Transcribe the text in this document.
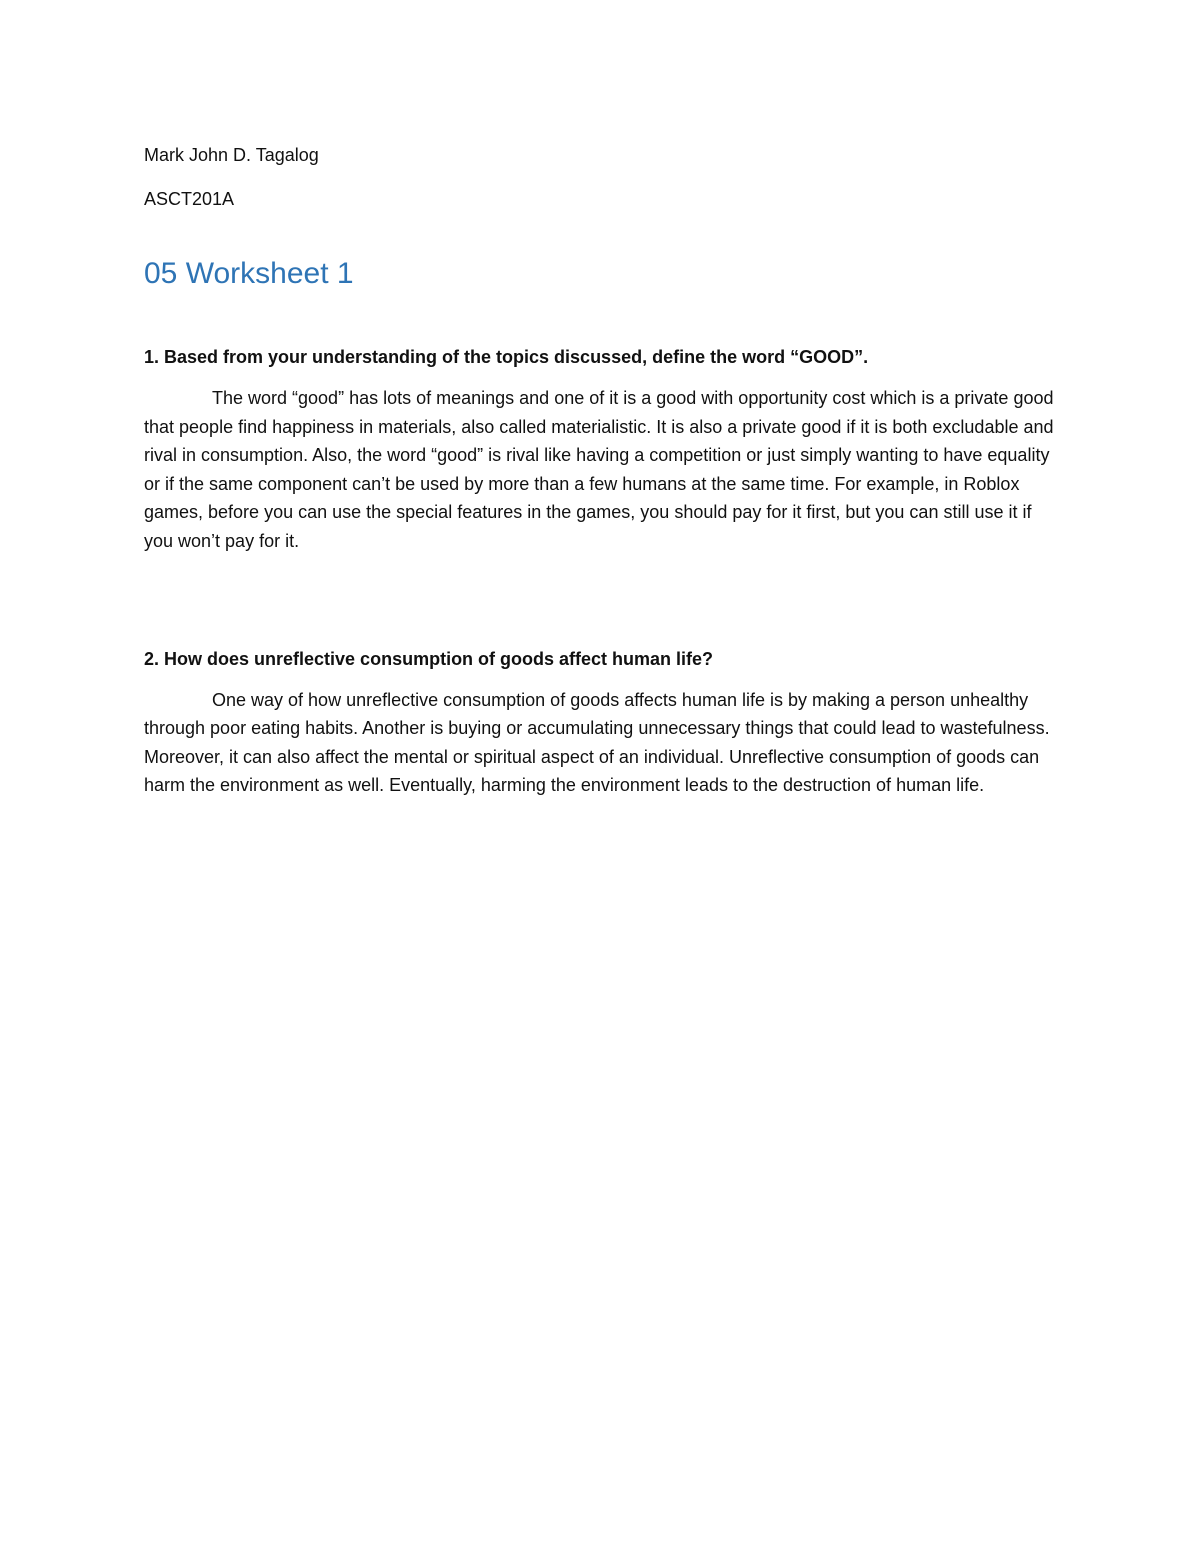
Mark John D. Tagalog

ASCT201A

05 Worksheet 1

1. Based from your understanding of the topics discussed, define the word “GOOD”.

The word “good” has lots of meanings and one of it is a good with opportunity cost which is a private good that people find happiness in materials, also called materialistic. It is also a private good if it is both excludable and rival in consumption. Also, the word “good” is rival like having a competition or just simply wanting to have equality or if the same component can’t be used by more than a few humans at the same time. For example, in Roblox games, before you can use the special features in the games, you should pay for it first, but you can still use it if you won’t pay for it.

2. How does unreflective consumption of goods affect human life?

One way of how unreflective consumption of goods affects human life is by making a person unhealthy through poor eating habits. Another is buying or accumulating unnecessary things that could lead to wastefulness. Moreover, it can also affect the mental or spiritual aspect of an individual. Unreflective consumption of goods can harm the environment as well. Eventually, harming the environment leads to the destruction of human life.
